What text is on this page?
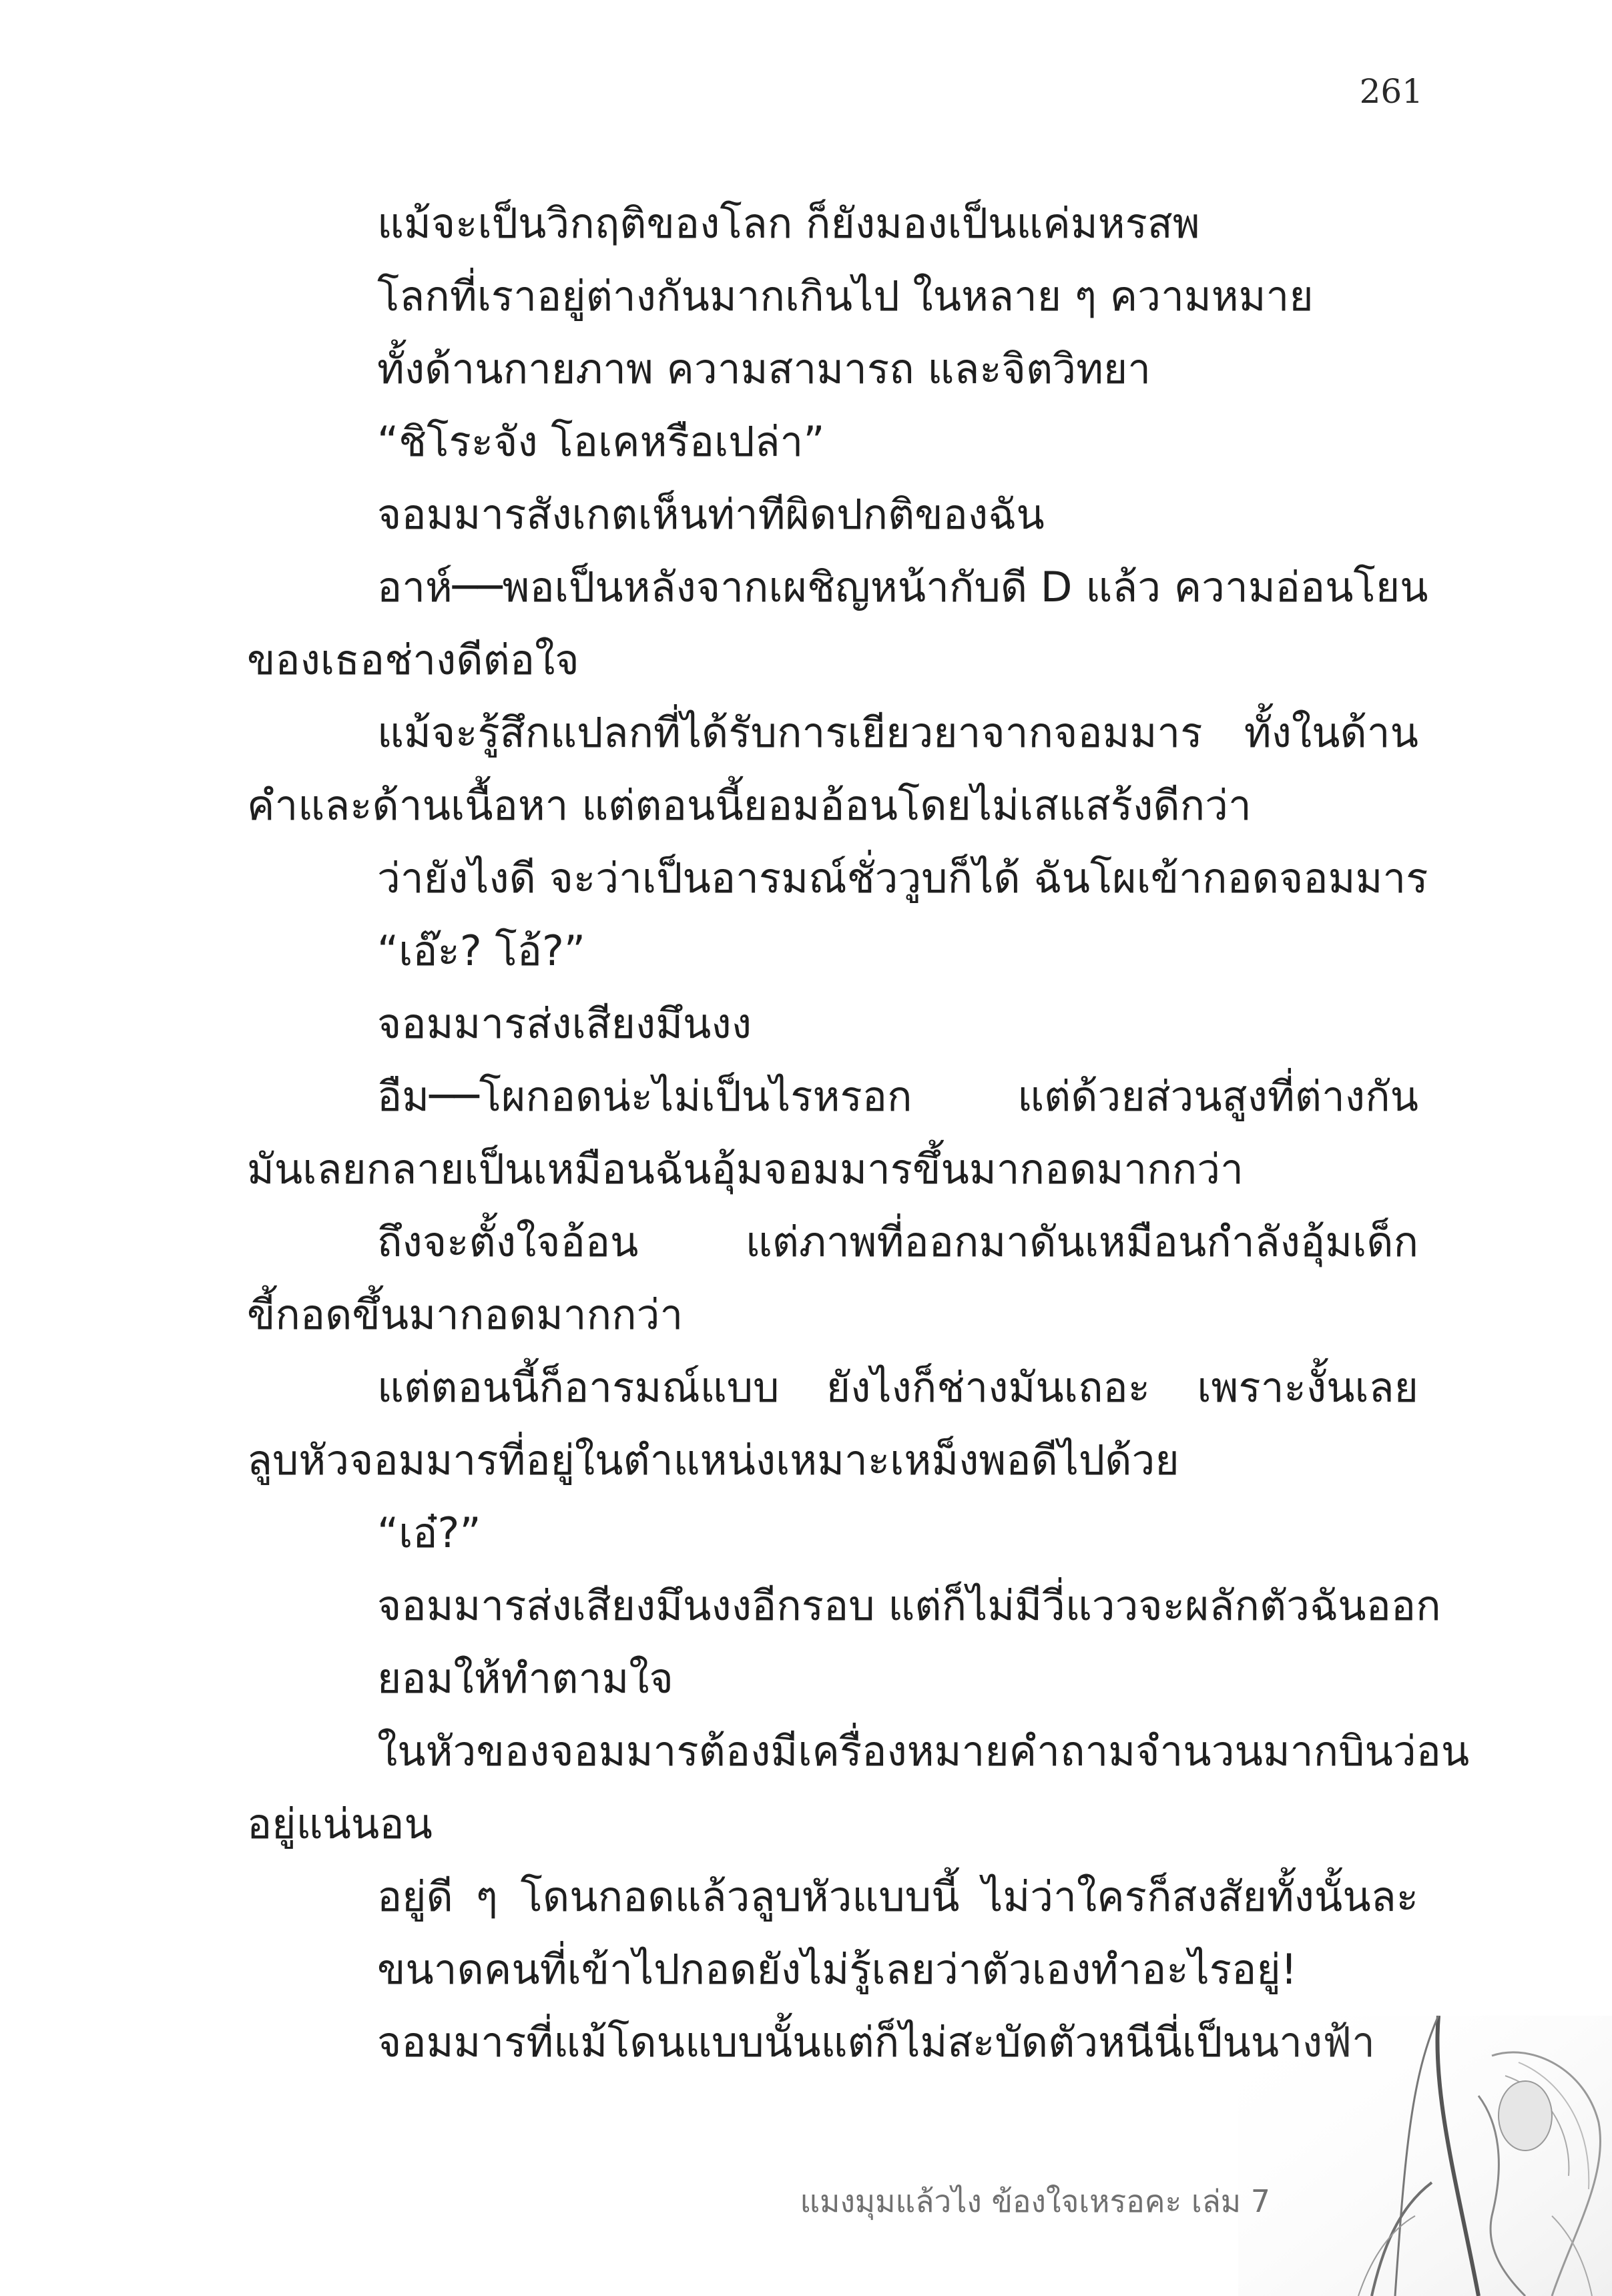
261

แม้จะเป็นวิกฤติของโลก ก็ยังมองเป็นแค่มหรสพ

โลกที่เราอยู่ต่างกันมากเกินไป ในหลาย ๆ ความหมาย

ทั้งด้านกายภาพ ความสามารถ และจิตวิทยา

“ชิโระจัง โอเคหรือเปล่า”

จอมมารสังเกตเห็นท่าทีผิดปกติของฉัน

อาห์──พอเป็นหลังจากเผชิญหน้ากับดี D แล้ว ความอ่อนโยน

ของเธอช่างดีต่อใจ

แม้จะรู้สึกแปลกที่ได้รับการเยียวยาจากจอมมาร ทั้งในด้าน

คำและด้านเนื้อหา แต่ตอนนี้ยอมอ้อนโดยไม่เสแสร้งดีกว่า

ว่ายังไงดี จะว่าเป็นอารมณ์ชั่ววูบก็ได้ ฉันโผเข้ากอดจอมมาร

“เอ๊ะ? โอ้?”

จอมมารส่งเสียงมึนงง

อืม──โผกอดน่ะไม่เป็นไรหรอก แต่ด้วยส่วนสูงที่ต่างกัน

มันเลยกลายเป็นเหมือนฉันอุ้มจอมมารขึ้นมากอดมากกว่า

ถึงจะตั้งใจอ้อน แต่ภาพที่ออกมาดันเหมือนกำลังอุ้มเด็ก

ขี้กอดขึ้นมากอดมากกว่า

แต่ตอนนี้ก็อารมณ์แบบ ยังไงก็ช่างมันเถอะ เพราะงั้นเลย

ลูบหัวจอมมารที่อยู่ในตำแหน่งเหมาะเหม็งพอดีไปด้วย

“เอ๋?”

จอมมารส่งเสียงมึนงงอีกรอบ แต่ก็ไม่มีวี่แววจะผลักตัวฉันออก

ยอมให้ทำตามใจ

ในหัวของจอมมารต้องมีเครื่องหมายคำถามจำนวนมากบินว่อน

อยู่แน่นอน

อยู่ดี ๆ โดนกอดแล้วลูบหัวแบบนี้ ไม่ว่าใครก็สงสัยทั้งนั้นละ

ขนาดคนที่เข้าไปกอดยังไม่รู้เลยว่าตัวเองทำอะไรอยู่!

จอมมารที่แม้โดนแบบนั้นแต่ก็ไม่สะบัดตัวหนีนี่เป็นนางฟ้า

แมงมุมแล้วไง ข้องใจเหรอคะ เล่ม 7
